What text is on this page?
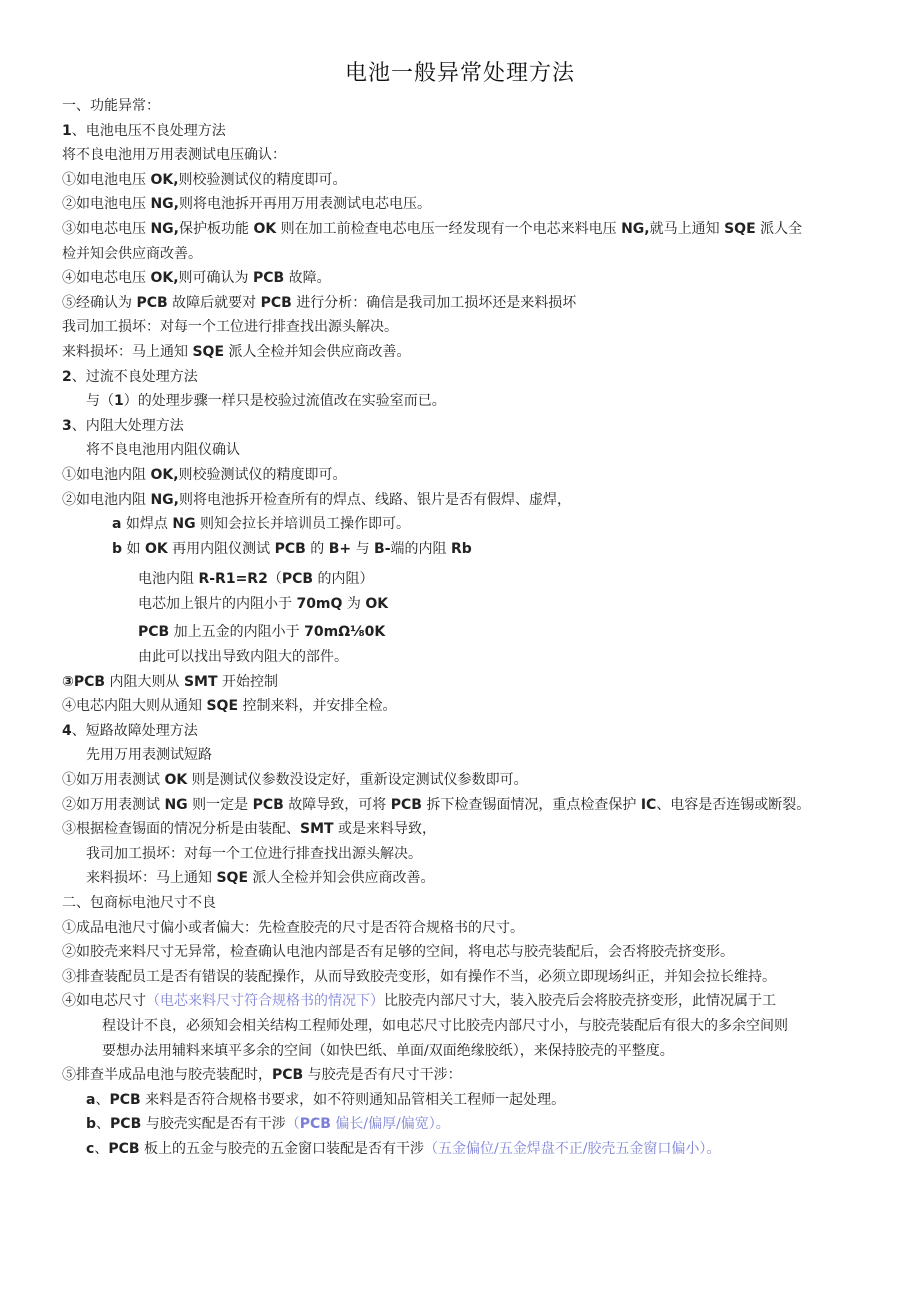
电池一般异常处理方法
一、功能异常：
1、电池电压不良处理方法
将不良电池用万用表测试电压确认：
①如电池电压 OK,则校验测试仪的精度即可。
②如电池电压 NG,则将电池拆开再用万用表测试电芯电压。
③如电芯电压 NG,保护板功能 OK 则在加工前检查电芯电压一经发现有一个电芯来料电压 NG,就马上通知 SQE 派人全
检并知会供应商改善。
④如电芯电压 OK,则可确认为 PCB 故障。
⑤经确认为 PCB 故障后就要对 PCB 进行分析：确信是我司加工损坏还是来料损坏
我司加工损坏：对每一个工位进行排查找出源头解决。
来料损坏：马上通知 SQE 派人全检并知会供应商改善。
2、过流不良处理方法
与（1）的处理步骤一样只是校验过流值改在实验室而已。
3、内阻大处理方法
将不良电池用内阻仪确认
①如电池内阻 OK,则校验测试仪的精度即可。
②如电池内阻 NG,则将电池拆开检查所有的焊点、线路、银片是否有假焊、虚焊，
a 如焊点 NG 则知会拉长并培训员工操作即可。
b 如 OK 再用内阻仪测试 PCB 的 B+ 与 B-端的内阻 Rb
电池内阻 R-R1=R2（PCB 的内阻）
电芯加上银片的内阻小于 70mQ 为 OK
PCB 加上五金的内阻小于 70mΩ⅛0K
由此可以找出导致内阻大的部件。
③PCB 内阻大则从 SMT 开始控制
④电芯内阻大则从通知 SQE 控制来料，并安排全检。
4、短路故障处理方法
先用万用表测试短路
①如万用表测试 OK 则是测试仪参数没设定好，重新设定测试仪参数即可。
②如万用表测试 NG 则一定是 PCB 故障导致，可将 PCB 拆下检查锡面情况，重点检查保护 IC、电容是否连锡或断裂。
③根据检查锡面的情况分析是由装配、SMT 或是来料导致，
我司加工损坏：对每一个工位进行排查找出源头解决。
来料损坏：马上通知 SQE 派人全检并知会供应商改善。
二、包商标电池尺寸不良
①成品电池尺寸偏小或者偏大：先检查胶壳的尺寸是否符合规格书的尺寸。
②如胶壳来料尺寸无异常，检查确认电池内部是否有足够的空间，将电芯与胶壳装配后，会否将胶壳挤变形。
③排查装配员工是否有错误的装配操作，从而导致胶壳变形，如有操作不当，必须立即现场纠正，并知会拉长维持。
④如电芯尺寸（电芯来料尺寸符合规格书的情况下）比胶壳内部尺寸大，装入胶壳后会将胶壳挤变形，此情况属于工
程设计不良，必须知会相关结构工程师处理，如电芯尺寸比胶壳内部尺寸小，与胶壳装配后有很大的多余空间则
要想办法用辅料来填平多余的空间（如快巴纸、单面/双面绝缘胶纸），来保持胶壳的平整度。
⑤排查半成品电池与胶壳装配时，PCB 与胶壳是否有尺寸干涉：
a、PCB 来料是否符合规格书要求，如不符则通知品管相关工程师一起处理。
b、PCB 与胶壳实配是否有干涉（PCB 偏长/偏厚/偏宽）。
c、PCB 板上的五金与胶壳的五金窗口装配是否有干涉（五金偏位/五金焊盘不正/胶壳五金窗口偏小）。
